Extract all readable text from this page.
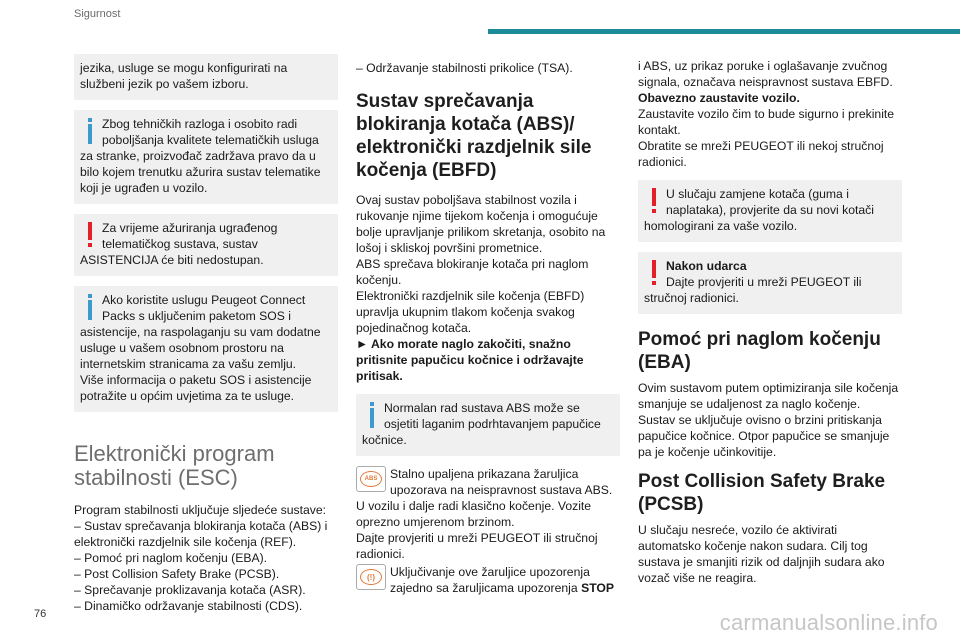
Sigurnost
jezika, usluge se mogu konfigurirati na službeni jezik po vašem izboru.
Zbog tehničkih razloga i osobito radi poboljšanja kvalitete telematičkih usluga za stranke, proizvođač zadržava pravo da u bilo kojem trenutku ažurira sustav telematike koji je ugrađen u vozilo.
Za vrijeme ažuriranja ugrađenog telematičkog sustava, sustav ASISTENCIJA će biti nedostupan.
Ako koristite uslugu Peugeot Connect Packs s uključenim paketom SOS i asistencije, na raspolaganju su vam dodatne usluge u vašem osobnom prostoru na internetskim stranicama za vašu zemlju.
Više informacija o paketu SOS i asistencije potražite u općim uvjetima za te usluge.
Elektronički program stabilnosti (ESC)

Program stabilnosti uključuje sljedeće sustave:

– Sustav sprečavanja blokiranja kotača (ABS) i elektronički razdjelnik sile kočenja (REF).

– Pomoć pri naglom kočenju (EBA).

– Post Collision Safety Brake (PCSB).

– Sprečavanje proklizavanja kotača (ASR).

– Dinamičko održavanje stabilnosti (CDS).

– Održavanje stabilnosti prikolice (TSA).

Sustav sprečavanja blokiranja kotača (ABS)/ elektronički razdjelnik sile kočenja (EBFD)

Ovaj sustav poboljšava stabilnost vozila i rukovanje njime tijekom kočenja i omogućuje bolje upravljanje prilikom skretanja, osobito na lošoj i skliskoj površini prometnice.

ABS sprečava blokiranje kotača pri naglom kočenju.

Elektronički razdjelnik sile kočenja (EBFD) upravlja ukupnim tlakom kočenja svakog pojedinačnog kotača.

► Ako morate naglo zakočiti, snažno pritisnite papučicu kočnice i održavajte pritisak.

Normalan rad sustava ABS može se osjetiti laganim podrhtavanjem papučice kočnice.
ABS	Stalno upaljena prikazana žaruljica upozorava na neispravnost sustava ABS.

U vozilu i dalje radi klasično kočenje. Vozite oprezno umjerenom brzinom.

Dajte provjeriti u mreži PEUGEOT ili stručnoj radionici.

(!)	Uključivanje ove žaruljice upozorenja zajedno sa žaruljicama upozorenja STOP

i ABS, uz prikaz poruke i oglašavanje zvučnog signala, označava neispravnost sustava EBFD.

Obavezno zaustavite vozilo.

Zaustavite vozilo čim to bude sigurno i prekinite kontakt.

Obratite se mreži PEUGEOT ili nekoj stručnoj radionici.

U slučaju zamjene kotača (guma i naplataka), provjerite da su novi kotači homologirani za vaše vozilo.
Nakon udarca
Dajte provjeriti u mreži PEUGEOT ili stručnoj radionici.
Pomoć pri naglom kočenju (EBA)

Ovim sustavom putem optimiziranja sile kočenja smanjuje se udaljenost za naglo kočenje.

Sustav se uključuje ovisno o brzini pritiskanja papučice kočnice. Otpor papučice se smanjuje pa je kočenje učinkovitije.

Post Collision Safety Brake (PCSB)

U slučaju nesreće, vozilo će aktivirati automatsko kočenje nakon sudara. Cilj tog sustava je smanjiti rizik od daljnjih sudara ako vozač više ne reagira.

76	carmanualsonline.info
